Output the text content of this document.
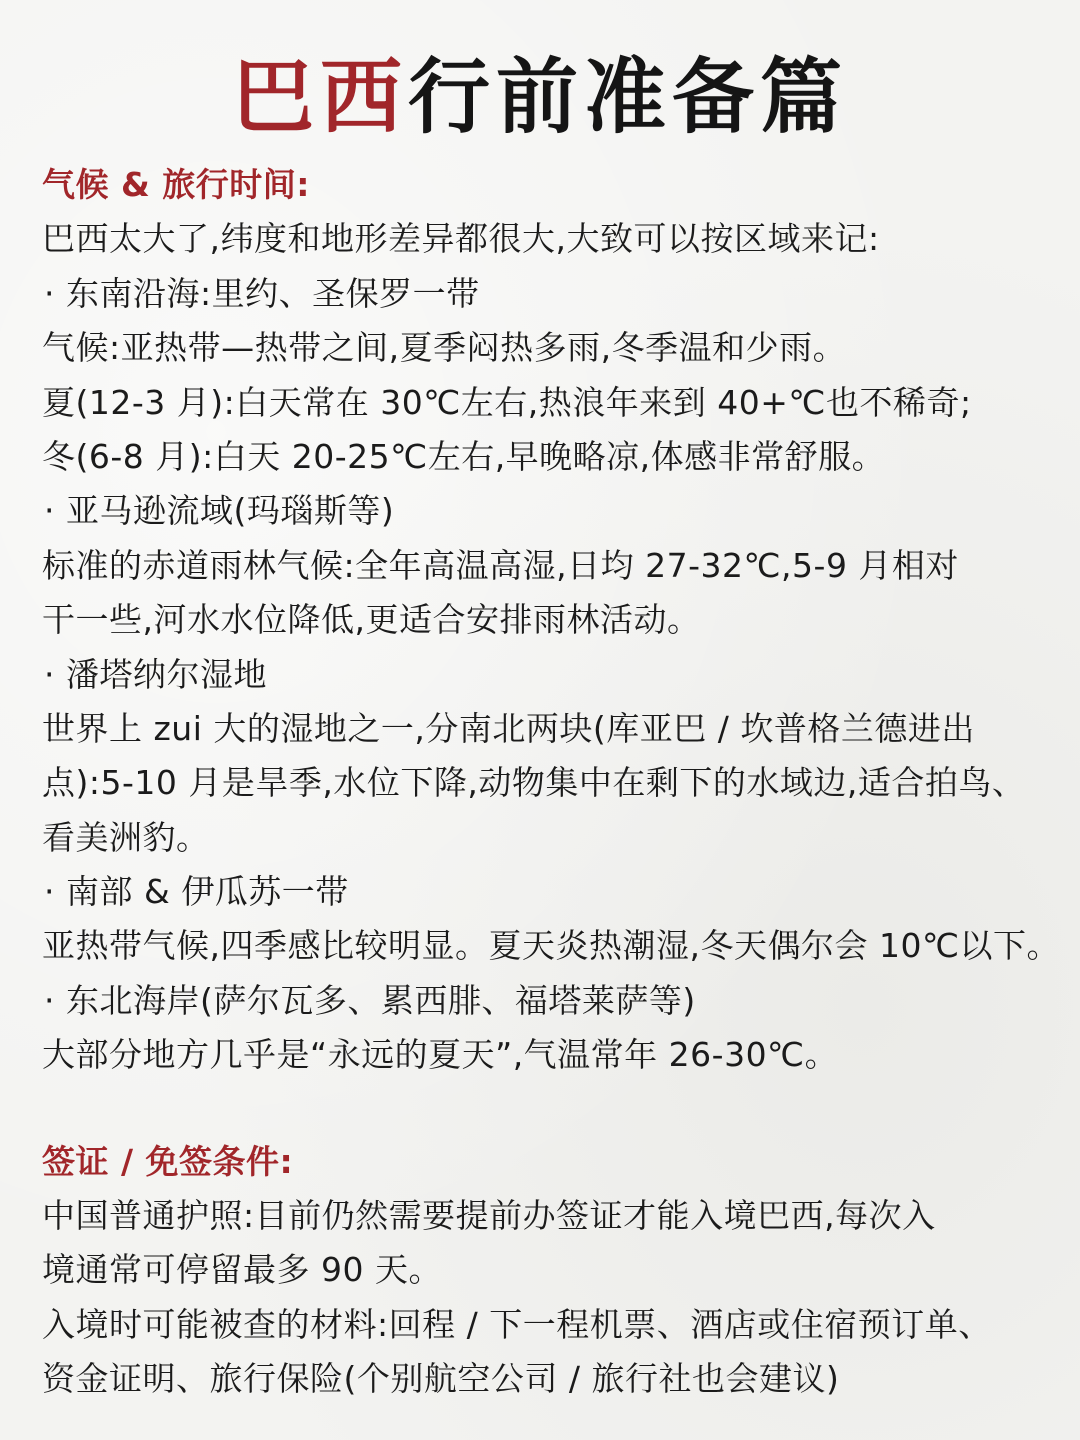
巴西行前准备篇
气候 & 旅行时间:
巴西太大了,纬度和地形差异都很大,大致可以按区域来记:
· 东南沿海:里约、圣保罗一带
气候:亚热带—热带之间,夏季闷热多雨,冬季温和少雨。
夏(12-3 月):白天常在 30℃左右,热浪年来到 40+℃也不稀奇;
冬(6-8 月):白天 20-25℃左右,早晚略凉,体感非常舒服。
· 亚马逊流域(玛瑙斯等)
标准的赤道雨林气候:全年高温高湿,日均 27-32℃,5-9 月相对
干一些,河水水位降低,更适合安排雨林活动。
· 潘塔纳尔湿地
世界上 zui 大的湿地之一,分南北两块(库亚巴 / 坎普格兰德进出
点):5-10 月是旱季,水位下降,动物集中在剩下的水域边,适合拍鸟、
看美洲豹。
· 南部 & 伊瓜苏一带
亚热带气候,四季感比较明显。夏天炎热潮湿,冬天偶尔会 10℃以下。
· 东北海岸(萨尔瓦多、累西腓、福塔莱萨等)
大部分地方几乎是“永远的夏天”,气温常年 26-30℃。
签证 / 免签条件:
中国普通护照:目前仍然需要提前办签证才能入境巴西,每次入
境通常可停留最多 90 天。
入境时可能被查的材料:回程 / 下一程机票、酒店或住宿预订单、
资金证明、旅行保险(个别航空公司 / 旅行社也会建议)
